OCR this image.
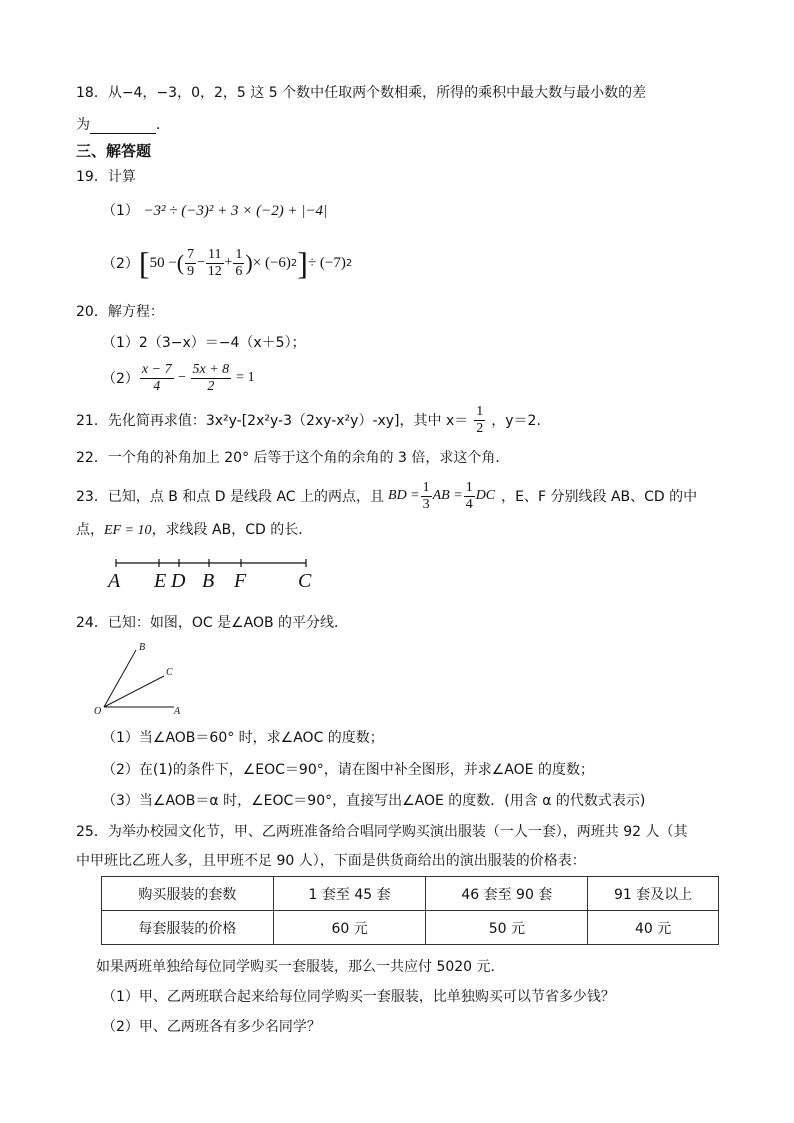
18．从−4，−3，0，2，5 这 5 个数中任取两个数相乘，所得的乘积中最大数与最小数的差
为	．
三、解答题
19．计算
（1） −3² ÷ (−3)² + 3 × (−2) + |−4|
（2） [ 50 − ( $\frac{7}{9} - \frac{11}{12} + \frac{1}{6}$ ) × (−6) 2 ] ÷ (−7) 2
20．解方程：
（1）2（3−x）＝−4（x＋5）；
$(2) \frac{x - 7}{4} - \frac{5x + 8}{2} = 1$
21．先化简再求值：3x²y-[2x²y-3（2xy-x²y）-xy]，其中 $x= \frac{1}{2}$ ，y＝2.
22．一个角的补角加上 20° 后等于这个角的余角的 3 倍，求这个角．
23．已知，点 B 和点 D 是线段 AC 上的两点，且 BD = $\frac{1}{3}$ AB = $\frac{1}{4}$ DC ，E、F 分别线段 AB、CD 的中
点，EF = 10，求线段 AB，CD 的长．
A E D B F	C
24．已知：如图，OC 是∠AOB 的平分线．
O	A
B
C
（1）当∠AOB＝60° 时，求∠AOC 的度数；
（2）在(1)的条件下，∠EOC＝90°，请在图中补全图形，并求∠AOE 的度数；
（3）当∠AOB＝α 时，∠EOC＝90°，直接写出∠AOE 的度数．(用含 α 的代数式表示)
25．为举办校园文化节，甲、乙两班准备给合唱同学购买演出服装（一人一套），两班共 92 人（其
中甲班比乙班人多，且甲班不足 90 人），下面是供货商给出的演出服装的价格表：
购买服装的套数	1 套至 45 套	46 套至 90 套	91 套及以上
每套服装的价格	60 元	50 元	40 元
如果两班单独给每位同学购买一套服装，那么一共应付 5020 元．
（1）甲、乙两班联合起来给每位同学购买一套服装，比单独购买可以节省多少钱？
（2）甲、乙两班各有多少名同学？
